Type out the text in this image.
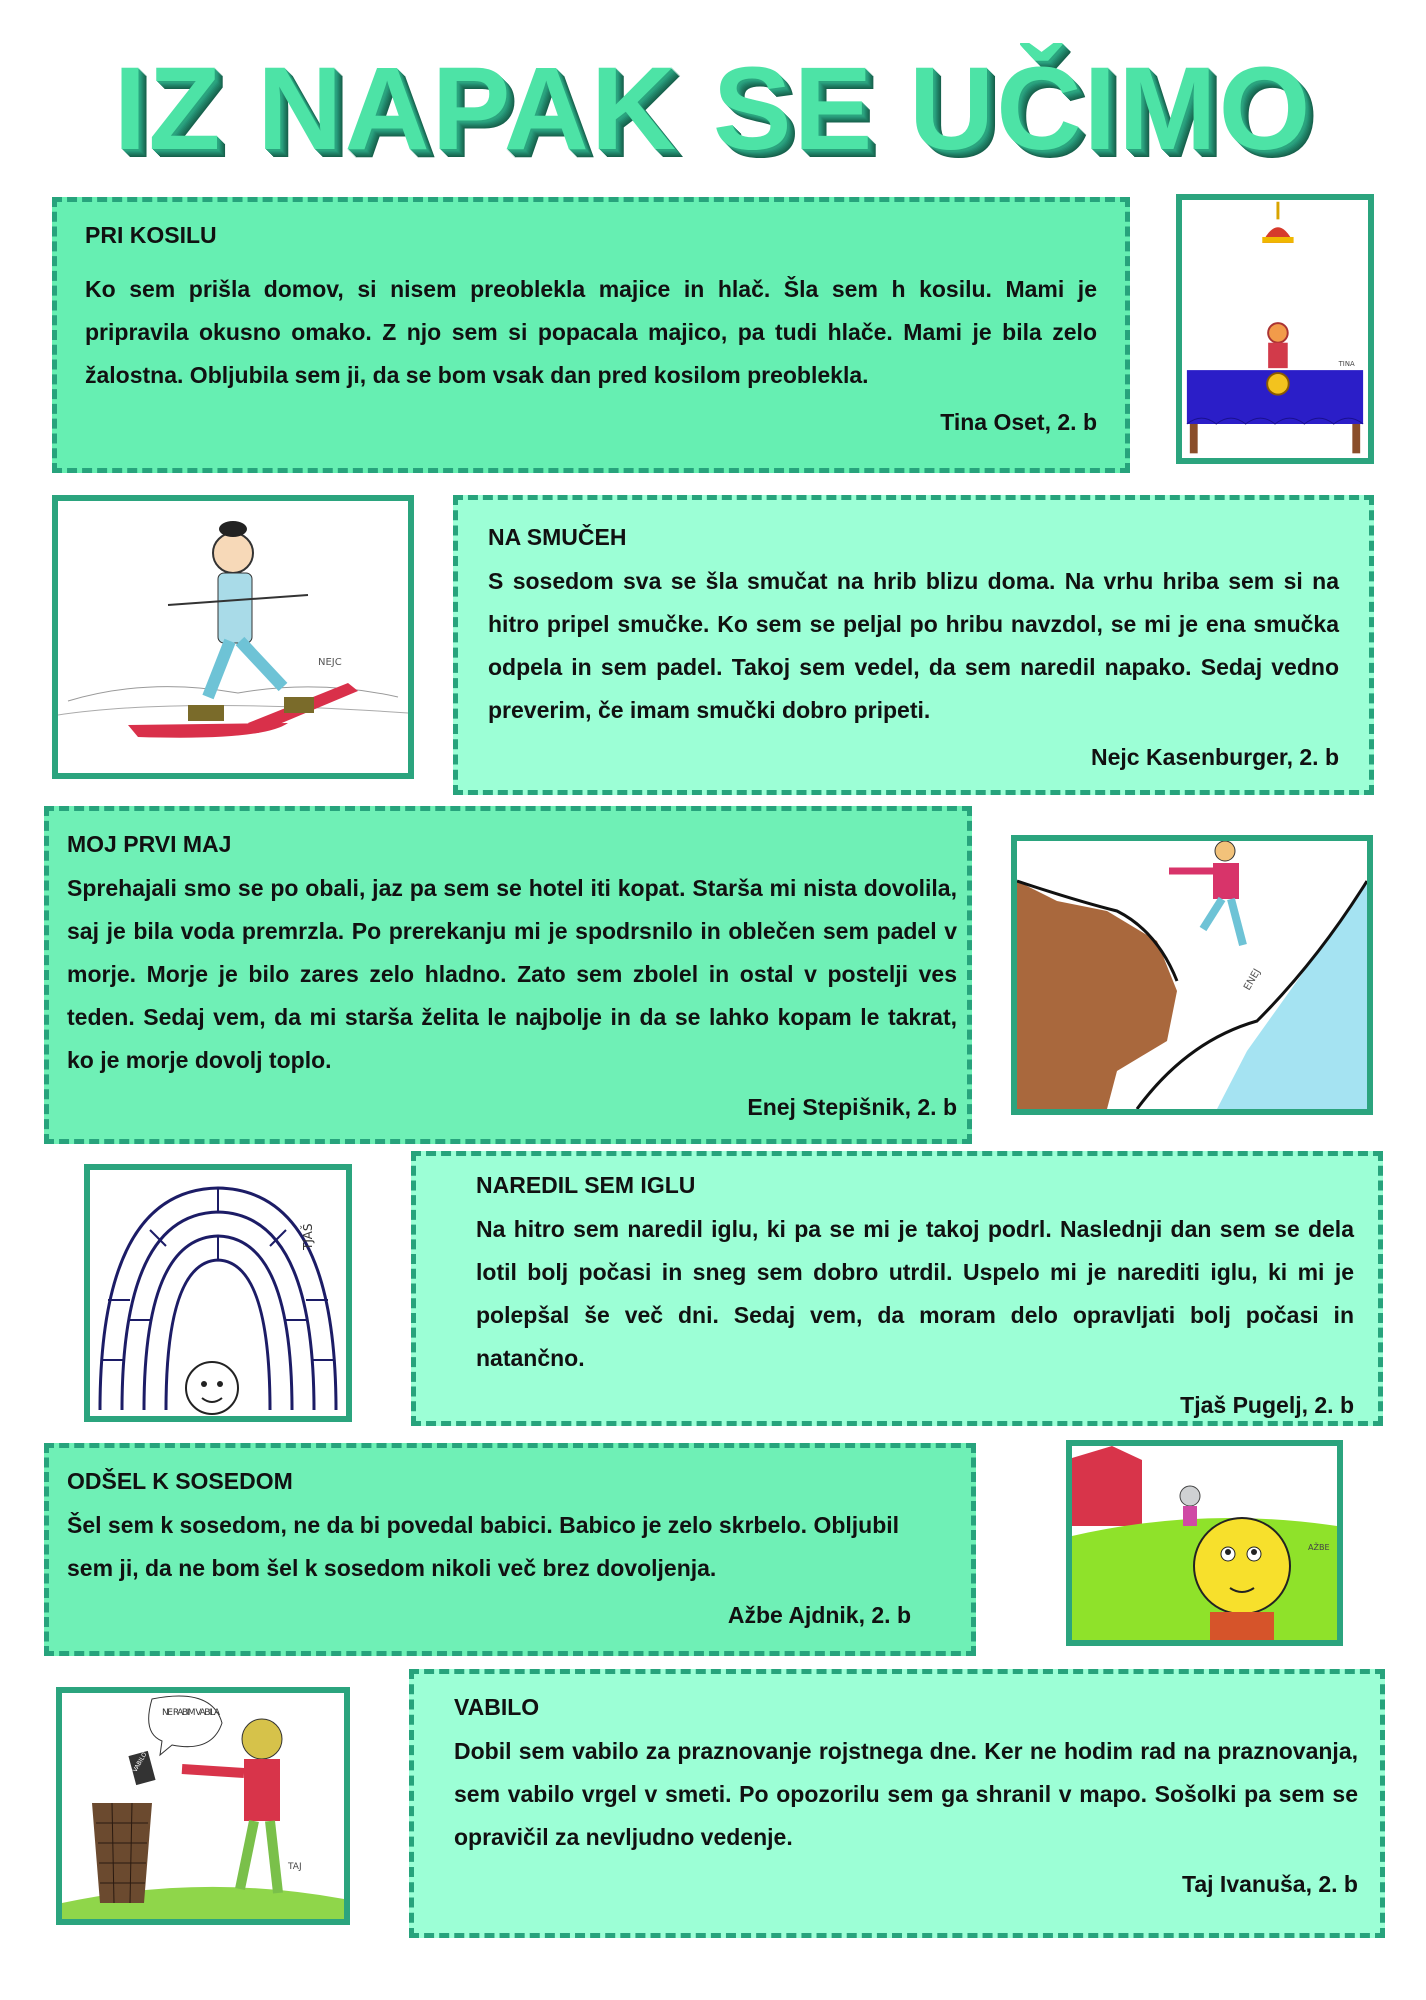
IZ NAPAK SE UČIMO
PRI KOSILU

Ko sem prišla domov, si nisem preoblekla majice in hlač. Šla sem h kosilu. Mami je pripravila okusno omako. Z njo sem si popacala majico, pa tudi hlače. Mami je bila zelo žalostna. Obljubila sem ji, da se bom vsak dan pred kosilom preoblekla.

Tina Oset, 2. b
TINA
NEJC
NA SMUČEH

S sosedom sva se šla smučat na hrib blizu doma. Na vrhu hriba sem si na hitro pripel smučke. Ko sem se peljal po hribu navzdol, se mi je ena smučka odpela in sem padel. Takoj sem vedel, da sem naredil napako. Sedaj vedno preverim, če imam smučki dobro pripeti.

Nejc Kasenburger, 2. b
MOJ PRVI MAJ

Sprehajali smo se po obali, jaz pa sem se hotel iti kopat. Starša mi nista dovolila, saj je bila voda premrzla. Po prerekanju mi je spodrsnilo in oblečen sem padel v morje. Morje je bilo zares zelo hladno. Zato sem zbolel in ostal v postelji ves teden. Sedaj vem, da mi starša želita le najbolje in da se lahko kopam le takrat, ko je morje dovolj toplo.

Enej Stepišnik, 2. b
ENEJ
TJAŠ
NAREDIL SEM IGLU

Na hitro sem naredil iglu, ki pa se mi je takoj podrl. Naslednji dan sem se dela lotil bolj počasi in sneg sem dobro utrdil. Uspelo mi je narediti iglu, ki mi je polepšal še več dni. Sedaj vem, da moram delo opravljati bolj počasi in natančno.

Tjaš Pugelj, 2. b
ODŠEL K SOSEDOM

Šel sem k sosedom, ne da bi povedal babici. Babico je zelo skrbelo. Obljubil sem ji, da ne bom šel k sosedom nikoli več brez dovoljenja.

Ažbe Ajdnik, 2. b
AŽBE
VABILO
NE RABIM VABILA
TAJ
VABILO

Dobil sem vabilo za praznovanje rojstnega dne. Ker ne hodim rad na praznovanja, sem vabilo vrgel v smeti. Po opozorilu sem ga shranil v mapo. Sošolki pa sem se opravičil za nevljudno vedenje.

Taj Ivanuša, 2. b
